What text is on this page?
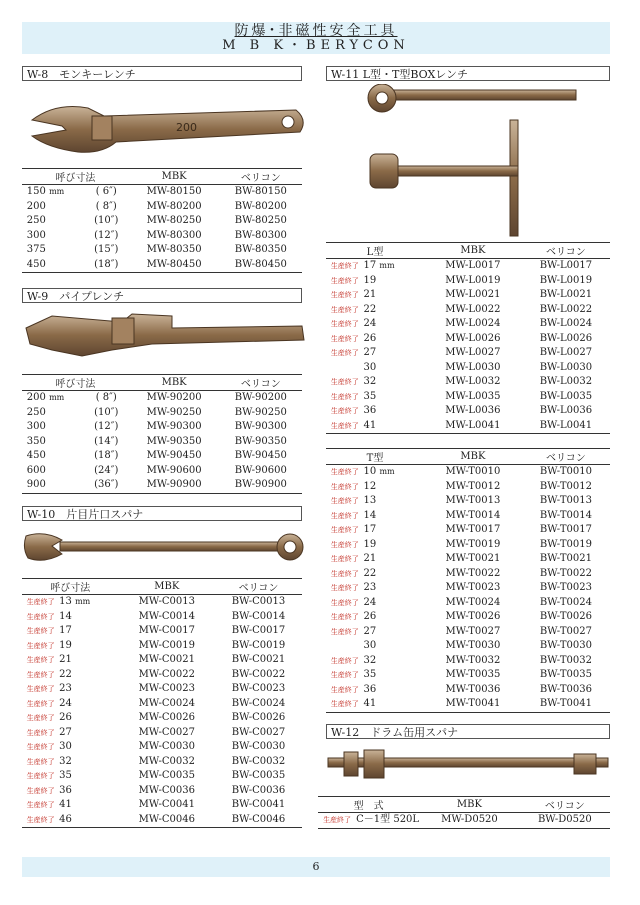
防爆･非磁性安全工具
M B K・BERYCON
W-8　モンキーレンチ
200
呼び寸法			MBK	ベリコン
	150 mm	( 6″)	MW-80150	BW-80150
	200	( 8″)	MW-80200	BW-80200
	250	(10″)	MW-80250	BW-80250
	300	(12″)	MW-80300	BW-80300
	375	(15″)	MW-80350	BW-80350
	450	(18″)	MW-80450	BW-80450
W-9　パイプレンチ
呼び寸法			MBK	ベリコン
	200 mm	( 8″)	MW-90200	BW-90200
	250	(10″)	MW-90250	BW-90250
	300	(12″)	MW-90300	BW-90300
	350	(14″)	MW-90350	BW-90350
	450	(18″)	MW-90450	BW-90450
	600	(24″)	MW-90600	BW-90600
	900	(36″)	MW-90900	BW-90900
W-10　片目片口スパナ
呼び寸法		MBK	ベリコン
生産終了	13 mm	MW-C0013	BW-C0013
生産終了	14	MW-C0014	BW-C0014
生産終了	17	MW-C0017	BW-C0017
生産終了	19	MW-C0019	BW-C0019
生産終了	21	MW-C0021	BW-C0021
生産終了	22	MW-C0022	BW-C0022
生産終了	23	MW-C0023	BW-C0023
生産終了	24	MW-C0024	BW-C0024
生産終了	26	MW-C0026	BW-C0026
生産終了	27	MW-C0027	BW-C0027
生産終了	30	MW-C0030	BW-C0030
生産終了	32	MW-C0032	BW-C0032
生産終了	35	MW-C0035	BW-C0035
生産終了	36	MW-C0036	BW-C0036
生産終了	41	MW-C0041	BW-C0041
生産終了	46	MW-C0046	BW-C0046
W-11 L型・T型BOXレンチ
L型		MBK	ベリコン
生産終了	17 mm	MW-L0017	BW-L0017
生産終了	19	MW-L0019	BW-L0019
生産終了	21	MW-L0021	BW-L0021
生産終了	22	MW-L0022	BW-L0022
生産終了	24	MW-L0024	BW-L0024
生産終了	26	MW-L0026	BW-L0026
生産終了	27	MW-L0027	BW-L0027
	30	MW-L0030	BW-L0030
生産終了	32	MW-L0032	BW-L0032
生産終了	35	MW-L0035	BW-L0035
生産終了	36	MW-L0036	BW-L0036
生産終了	41	MW-L0041	BW-L0041
T型		MBK	ベリコン
生産終了	10 mm	MW-T0010	BW-T0010
生産終了	12	MW-T0012	BW-T0012
生産終了	13	MW-T0013	BW-T0013
生産終了	14	MW-T0014	BW-T0014
生産終了	17	MW-T0017	BW-T0017
生産終了	19	MW-T0019	BW-T0019
生産終了	21	MW-T0021	BW-T0021
生産終了	22	MW-T0022	BW-T0022
生産終了	23	MW-T0023	BW-T0023
生産終了	24	MW-T0024	BW-T0024
生産終了	26	MW-T0026	BW-T0026
生産終了	27	MW-T0027	BW-T0027
	30	MW-T0030	BW-T0030
生産終了	32	MW-T0032	BW-T0032
生産終了	35	MW-T0035	BW-T0035
生産終了	36	MW-T0036	BW-T0036
生産終了	41	MW-T0041	BW-T0041
W-12　ドラム缶用スパナ
型　式		MBK	ベリコン
生産終了	C－1型 520L	MW-D0520	BW-D0520
6
